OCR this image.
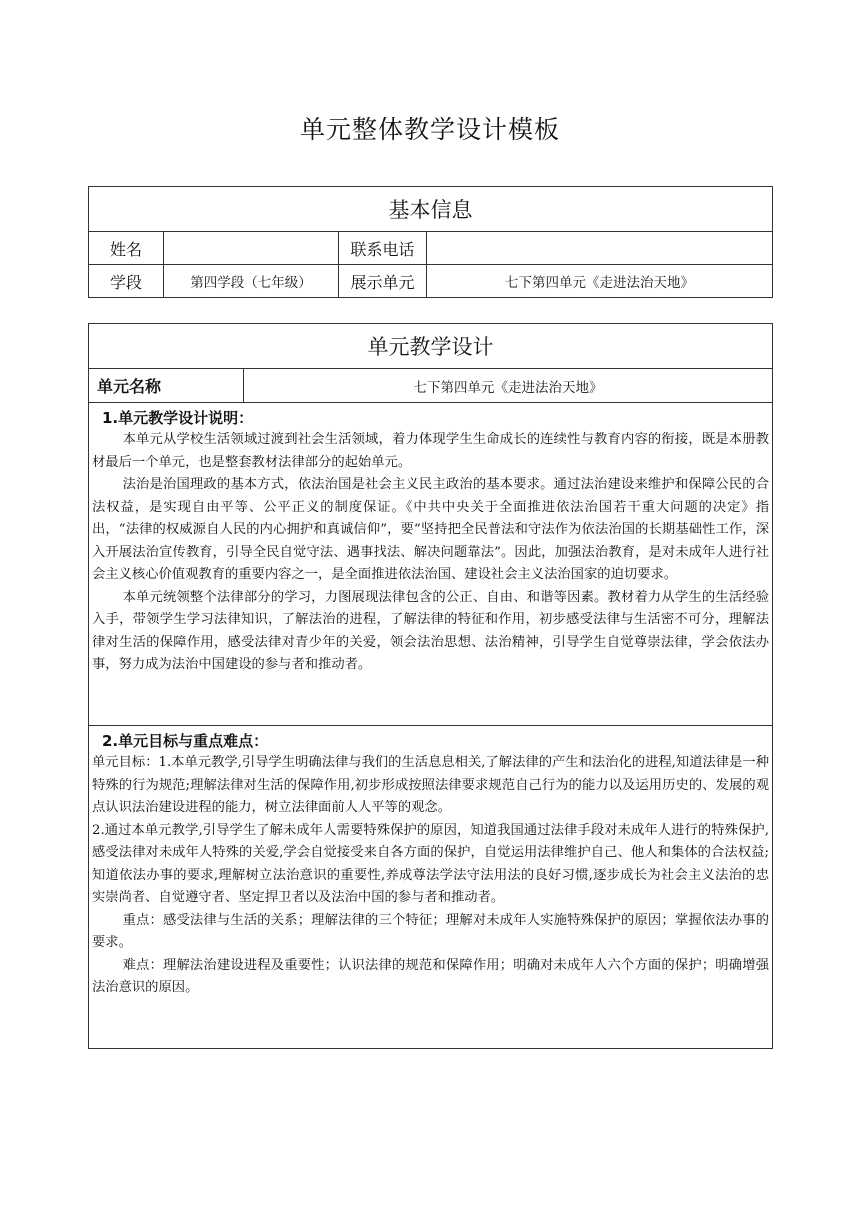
单元整体教学设计模板
基本信息			
姓名		联系电话	
学段	第四学段（七年级）	展示单元	七下第四单元《走进法治天地》
单元教学设计
单元名称	七下第四单元《走进法治天地》

1.单元教学设计说明：

本单元从学校生活领域过渡到社会生活领域，着力体现学生生命成长的连续性与教育内容的衔接，既是本册教材最后一个单元，也是整套教材法律部分的起始单元。

法治是治国理政的基本方式，依法治国是社会主义民主政治的基本要求。通过法治建设来维护和保障公民的合法权益，是实现自由平等、公平正义的制度保证。《中共中央关于全面推进依法治国若干重大问题的决定》指出，“法律的权威源自人民的内心拥护和真诚信仰”，要“坚持把全民普法和守法作为依法治国的长期基础性工作，深入开展法治宣传教育，引导全民自觉守法、遇事找法、解决问题靠法”。因此，加强法治教育，是对未成年人进行社会主义核心价值观教育的重要内容之一，是全面推进依法治国、建设社会主义法治国家的迫切要求。

本单元统领整个法律部分的学习，力图展现法律包含的公正、自由、和谐等因素。教材着力从学生的生活经验入手，带领学生学习法律知识，了解法治的进程，了解法律的特征和作用，初步感受法律与生活密不可分，理解法律对生活的保障作用，感受法律对青少年的关爱，领会法治思想、法治精神，引导学生自觉尊崇法律，学会依法办事，努力成为法治中国建设的参与者和推动者。

2.单元目标与重点难点：

单元目标：1.本单元教学,引导学生明确法律与我们的生活息息相关,了解法律的产生和法治化的进程,知道法律是一种特殊的行为规范;理解法律对生活的保障作用,初步形成按照法律要求规范自己行为的能力以及运用历史的、发展的观点认识法治建设进程的能力，树立法律面前人人平等的观念。

2.通过本单元教学,引导学生了解未成年人需要特殊保护的原因，知道我国通过法律手段对未成年人进行的特殊保护,感受法律对未成年人特殊的关爱,学会自觉接受来自各方面的保护，自觉运用法律维护自己、他人和集体的合法权益;知道依法办事的要求,理解树立法治意识的重要性,养成尊法学法守法用法的良好习惯,逐步成长为社会主义法治的忠实崇尚者、自觉遵守者、坚定捍卫者以及法治中国的参与者和推动者。

重点：感受法律与生活的关系；理解法律的三个特征；理解对未成年人实施特殊保护的原因；掌握依法办事的要求。

难点：理解法治建设进程及重要性；认识法律的规范和保障作用；明确对未成年人六个方面的保护；明确增强法治意识的原因。
